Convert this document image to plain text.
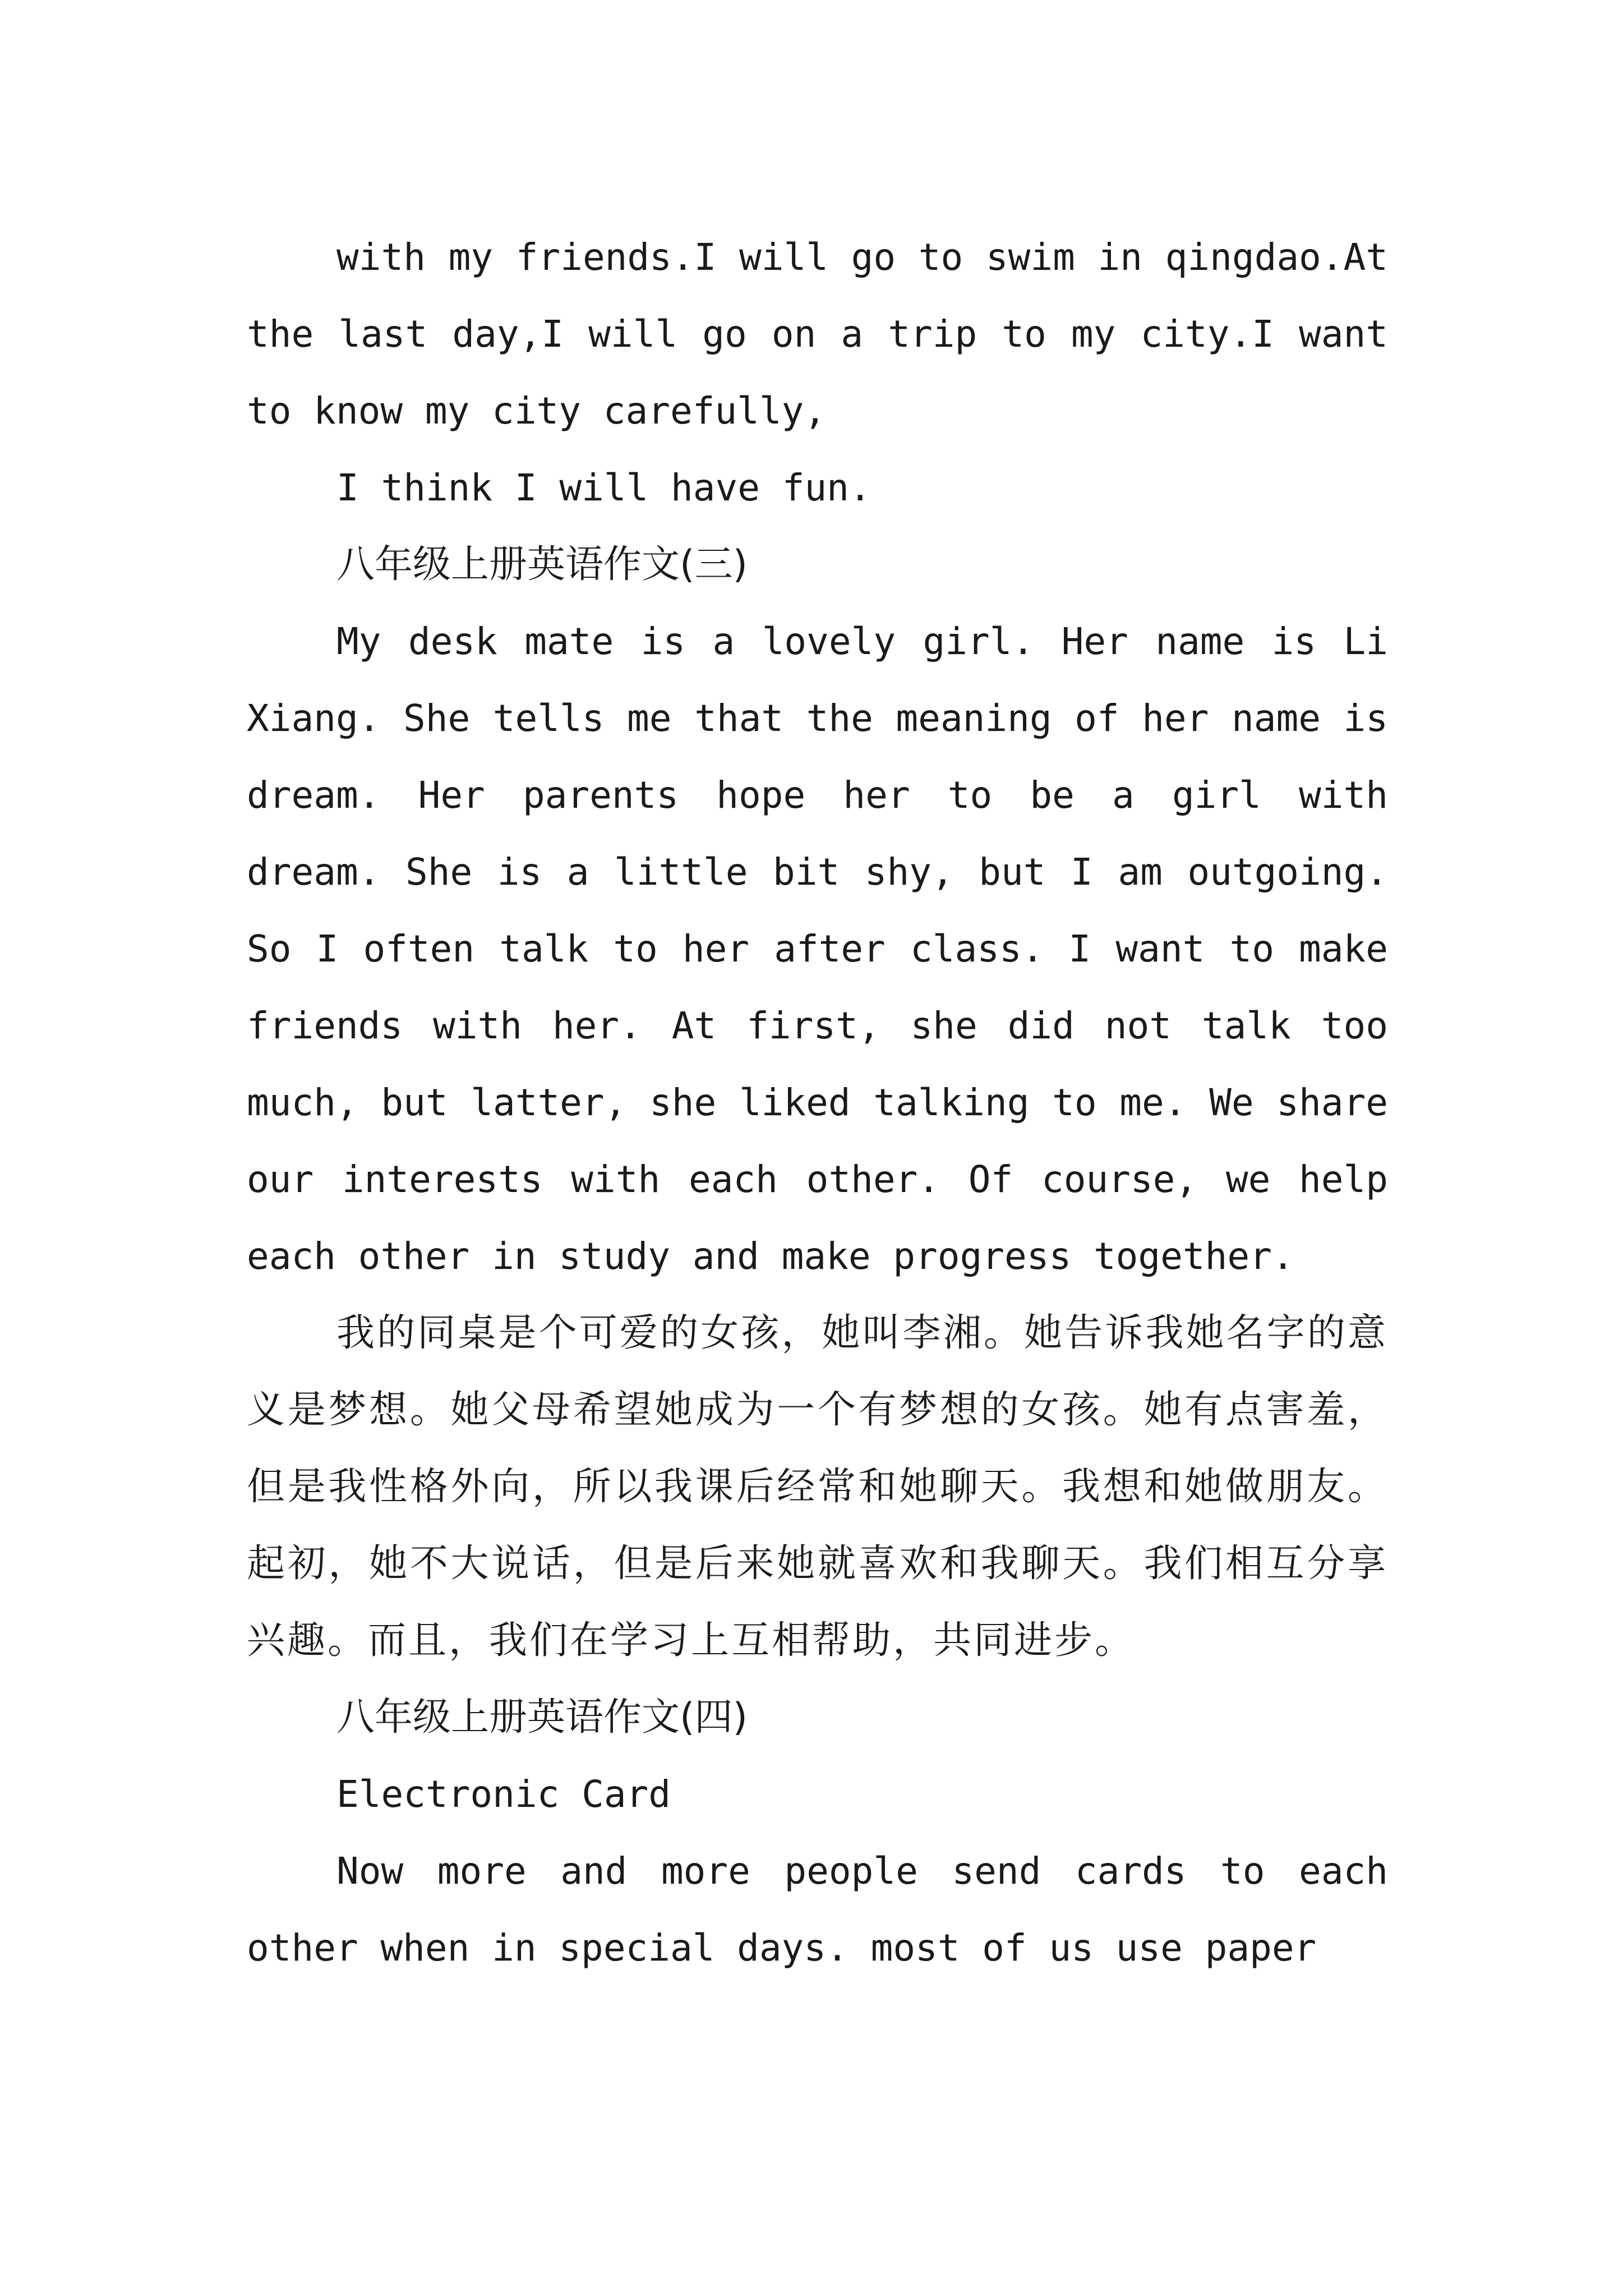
with my friends.I will go to swim in qingdao.At the last day,I will go on a trip to my city.I want to know my city carefully,

I think I will have fun.

八年级上册英语作文(三)

My desk mate is a lovely girl. Her name is Li Xiang. She tells me that the meaning of her name is dream. Her parents hope her to be a girl with dream. She is a little bit shy, but I am outgoing. So I often talk to her after class. I want to make friends with her. At first, she did not talk too much, but latter, she liked talking to me. We share our interests with each other. Of course, we help each other in study and make progress together.

我的同桌是个可爱的女孩，她叫李湘。她告诉我她名字的意义是梦想。她父母希望她成为一个有梦想的女孩。她有点害羞，但是我性格外向，所以我课后经常和她聊天。我想和她做朋友。起初，她不大说话，但是后来她就喜欢和我聊天。我们相互分享兴趣。而且，我们在学习上互相帮助，共同进步。

八年级上册英语作文(四)

Electronic Card

Now more and more people send cards to each other when in special days. most of us use paper
